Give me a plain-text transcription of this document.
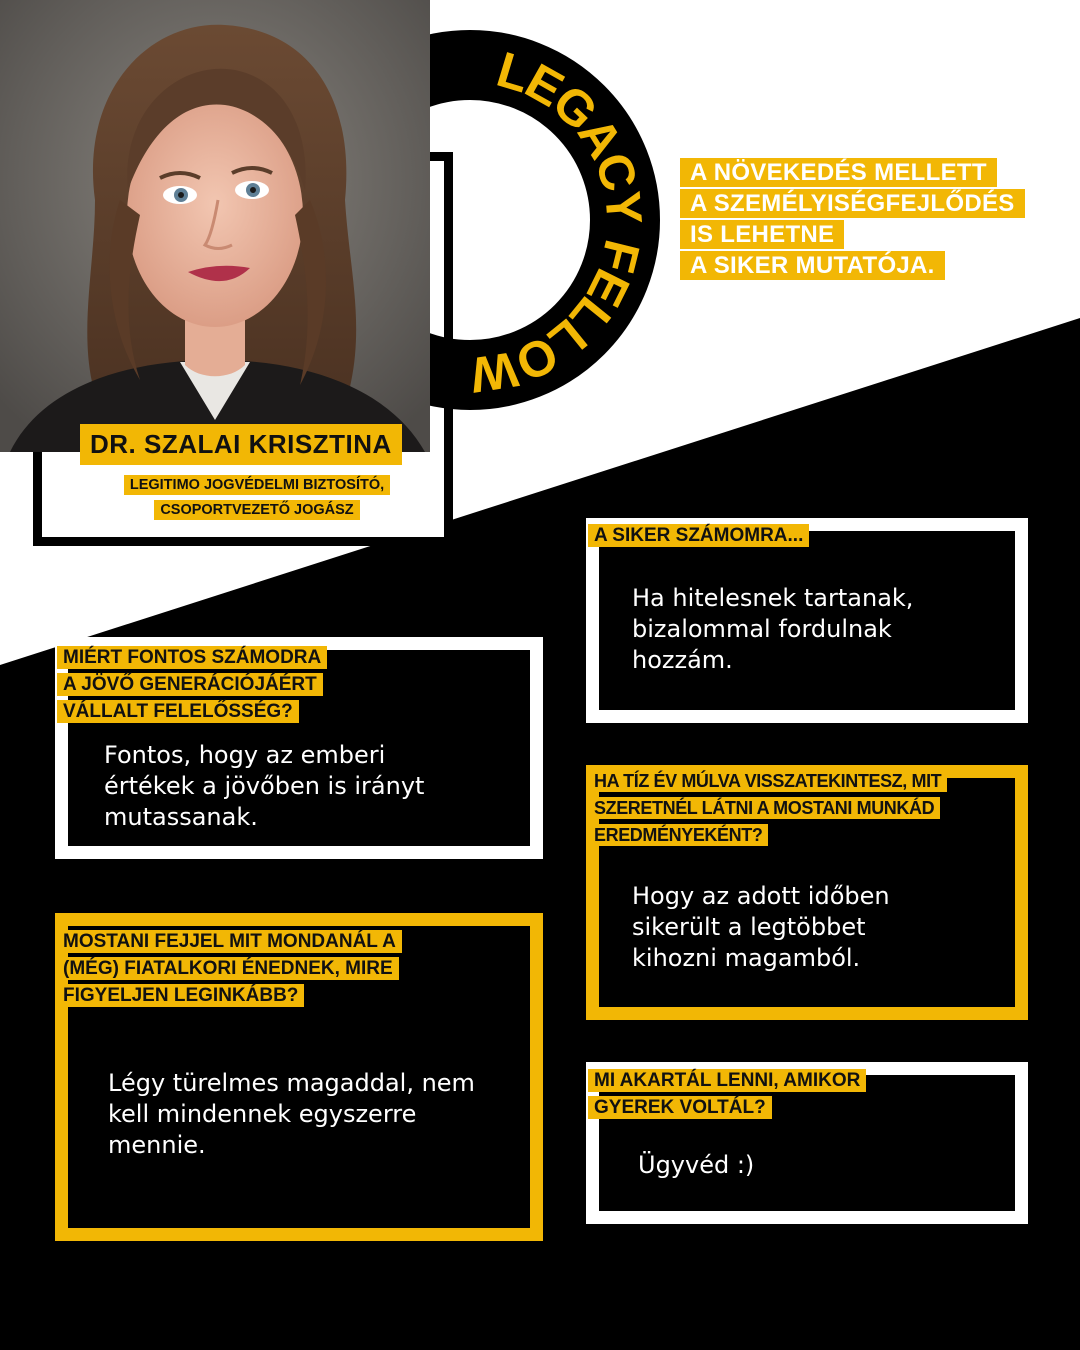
LEGACY FELLOW
DR. SZALAI KRISZTINA
LEGITIMO JOGVÉDELMI BIZTOSÍTÓ,
CSOPORTVEZETŐ JOGÁSZ
A NÖVEKEDÉS MELLETT
A SZEMÉLYISÉGFEJLŐDÉS
IS LEHETNE
A SIKER MUTATÓJA.
A SIKER SZÁMOMRA...
Ha hitelesnek tartanak,
bizalommal fordulnak
hozzám.
MIÉRT FONTOS SZÁMODRA
A JÖVŐ GENERÁCIÓJÁÉRT
VÁLLALT FELELŐSSÉG?
Fontos, hogy az emberi
értékek a jövőben is irányt
mutassanak.
HA TÍZ ÉV MÚLVA VISSZATEKINTESZ, MIT
SZERETNÉL LÁTNI A MOSTANI MUNKÁD
EREDMÉNYEKÉNT?
Hogy az adott időben
sikerült a legtöbbet
kihozni magamból.
MOSTANI FEJJEL MIT MONDANÁL A
(MÉG) FIATALKORI ÉNEDNEK, MIRE
FIGYELJEN LEGINKÁBB?
Légy türelmes magaddal, nem
kell mindennek egyszerre
mennie.
MI AKARTÁL LENNI, AMIKOR
GYEREK VOLTÁL?
Ügyvéd :)
